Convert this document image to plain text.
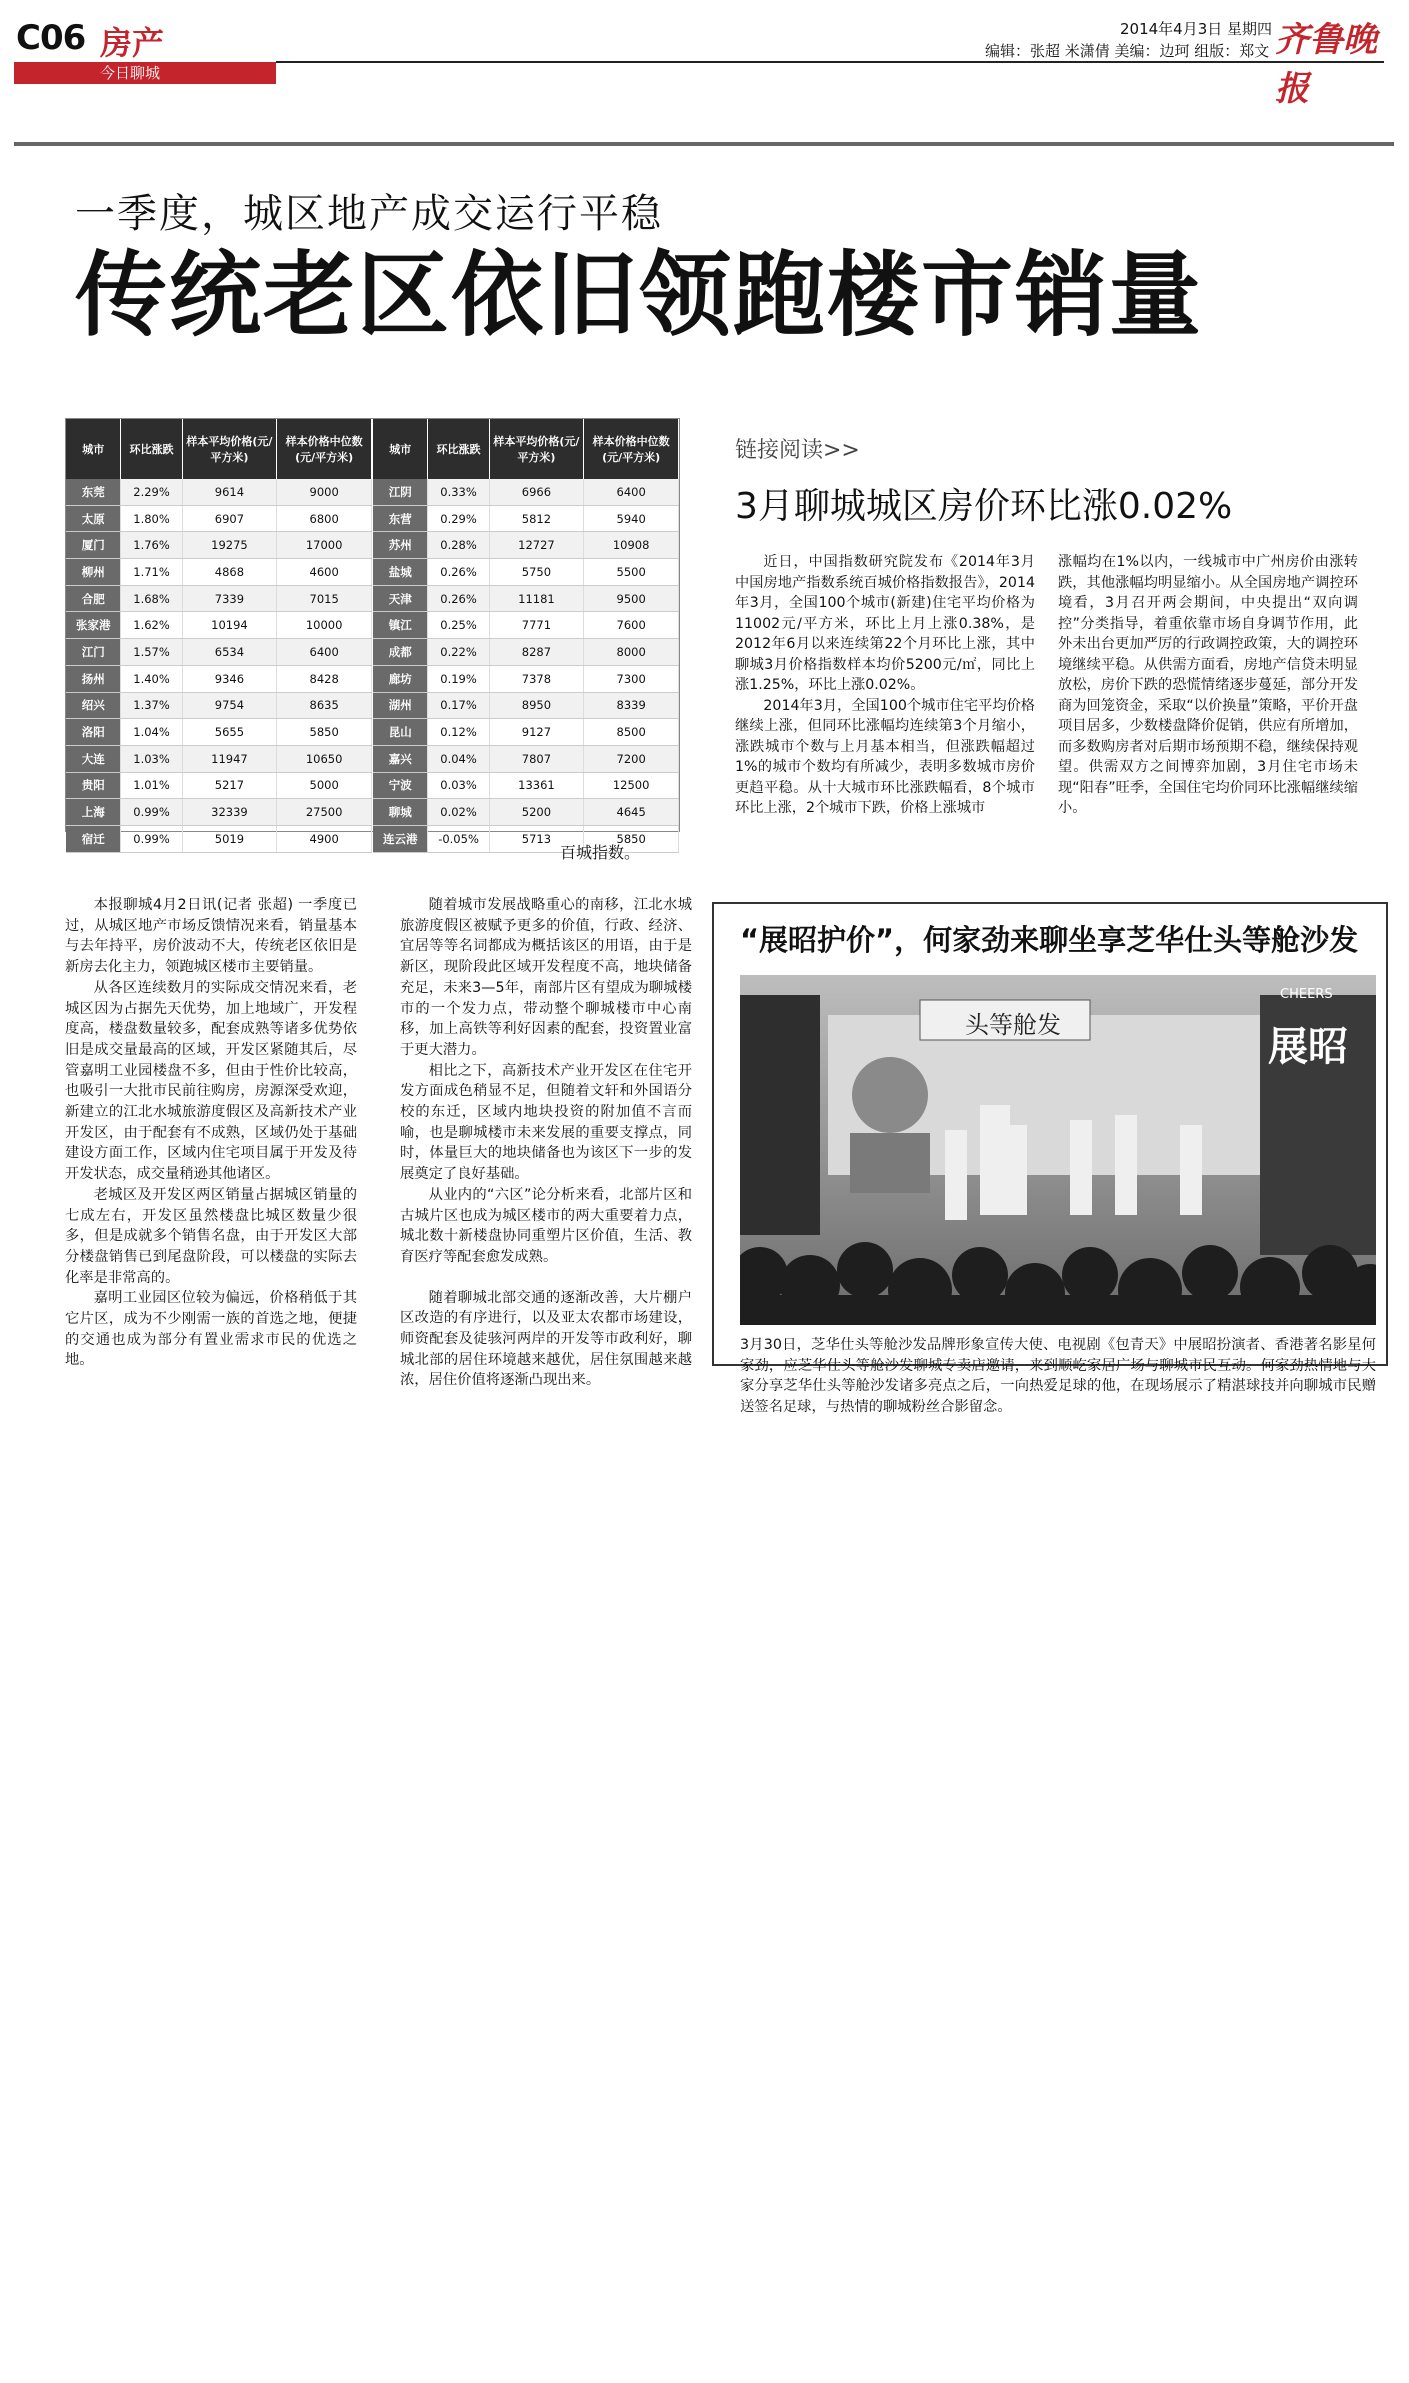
C06 房产
今日聊城
2014年4月3日 星期四
编辑：张超 米潇倩 美编：边珂 组版：郑文 齐鲁晚报
一季度，城区地产成交运行平稳
传统老区依旧领跑楼市销量
城市	环比涨跌	样本平均价格(元/平方米)	样本价格中位数(元/平方米)
东莞	2.29%	9614	9000
太原	1.80%	6907	6800
厦门	1.76%	19275	17000
柳州	1.71%	4868	4600
合肥	1.68%	7339	7015
张家港	1.62%	10194	10000
江门	1.57%	6534	6400
扬州	1.40%	9346	8428
绍兴	1.37%	9754	8635
洛阳	1.04%	5655	5850
大连	1.03%	11947	10650
贵阳	1.01%	5217	5000
上海	0.99%	32339	27500
宿迁	0.99%	5019	4900
城市	环比涨跌	样本平均价格(元/平方米)	样本价格中位数(元/平方米)
江阴	0.33%	6966	6400
东营	0.29%	5812	5940
苏州	0.28%	12727	10908
盐城	0.26%	5750	5500
天津	0.26%	11181	9500
镇江	0.25%	7771	7600
成都	0.22%	8287	8000
廊坊	0.19%	7378	7300
湖州	0.17%	8950	8339
昆山	0.12%	9127	8500
嘉兴	0.04%	7807	7200
宁波	0.03%	13361	12500
聊城	0.02%	5200	4645
连云港	-0.05%	5713	5850
百城指数。
链接阅读>>
3月聊城城区房价环比涨0.02%

近日，中国指数研究院发布《2014年3月中国房地产指数系统百城价格指数报告》，2014年3月，全国100个城市(新建)住宅平均价格为11002元/平方米，环比上月上涨0.38%，是2012年6月以来连续第22个月环比上涨，其中聊城3月价格指数样本均价5200元/㎡，同比上涨1.25%，环比上涨0.02%。

2014年3月，全国100个城市住宅平均价格继续上涨，但同环比涨幅均连续第3个月缩小，涨跌城市个数与上月基本相当，但涨跌幅超过1%的城市个数均有所减少，表明多数城市房价更趋平稳。从十大城市环比涨跌幅看，8个城市环比上涨，2个城市下跌，价格上涨城市

涨幅均在1%以内，一线城市中广州房价由涨转跌，其他涨幅均明显缩小。从全国房地产调控环境看，3月召开两会期间，中央提出“双向调控”分类指导，着重依靠市场自身调节作用，此外未出台更加严厉的行政调控政策，大的调控环境继续平稳。从供需方面看，房地产信贷未明显放松，房价下跌的恐慌情绪逐步蔓延，部分开发商为回笼资金，采取“以价换量”策略，平价开盘项目居多，少数楼盘降价促销，供应有所增加，而多数购房者对后期市场预期不稳，继续保持观望。供需双方之间博弈加剧，3月住宅市场未现“阳春”旺季，全国住宅均价同环比涨幅继续缩小。

本报聊城4月2日讯(记者 张超) 一季度已过，从城区地产市场反馈情况来看，销量基本与去年持平，房价波动不大，传统老区依旧是新房去化主力，领跑城区楼市主要销量。

从各区连续数月的实际成交情况来看，老城区因为占据先天优势，加上地域广，开发程度高，楼盘数量较多，配套成熟等诸多优势依旧是成交量最高的区域，开发区紧随其后，尽管嘉明工业园楼盘不多，但由于性价比较高，也吸引一大批市民前往购房，房源深受欢迎，新建立的江北水城旅游度假区及高新技术产业开发区，由于配套有不成熟，区域仍处于基础建设方面工作，区域内住宅项目属于开发及待开发状态，成交量稍逊其他诸区。

老城区及开发区两区销量占据城区销量的七成左右，开发区虽然楼盘比城区数量少很多，但是成就多个销售名盘，由于开发区大部分楼盘销售已到尾盘阶段，可以楼盘的实际去化率是非常高的。

嘉明工业园区位较为偏远，价格稍低于其它片区，成为不少刚需一族的首选之地，便捷的交通也成为部分有置业需求市民的优选之地。

随着城市发展战略重心的南移，江北水城旅游度假区被赋予更多的价值，行政、经济、宜居等等名词都成为概括该区的用语，由于是新区，现阶段此区域开发程度不高，地块储备充足，未来3—5年，南部片区有望成为聊城楼市的一个发力点，带动整个聊城楼市中心南移，加上高铁等利好因素的配套，投资置业富于更大潜力。

相比之下，高新技术产业开发区在住宅开发方面成色稍显不足，但随着文轩和外国语分校的东迁，区域内地块投资的附加值不言而喻，也是聊城楼市未来发展的重要支撑点，同时，体量巨大的地块储备也为该区下一步的发展奠定了良好基础。

从业内的“六区”论分析来看，北部片区和古城片区也成为城区楼市的两大重要着力点，城北数十新楼盘协同重塑片区价值，生活、教育医疗等配套愈发成熟。

随着聊城北部交通的逐渐改善，大片棚户区改造的有序进行，以及亚太农都市场建设，师资配套及徒骇河两岸的开发等市政利好，聊城北部的居住环境越来越优，居住氛围越来越浓，居住价值将逐渐凸现出来。

“展昭护价”，何家劲来聊坐享芝华仕头等舱沙发
头等舱发	展昭
CHEERS
3月30日，芝华仕头等舱沙发品牌形象宣传大使、电视剧《包青天》中展昭扮演者、香港著名影星何家劲，应芝华仕头等舱沙发聊城专卖店邀请，来到顺屹家居广场与聊城市民互动。何家劲热情地与大家分享芝华仕头等舱沙发诸多亮点之后，一向热爱足球的他，在现场展示了精湛球技并向聊城市民赠送签名足球，与热情的聊城粉丝合影留念。
